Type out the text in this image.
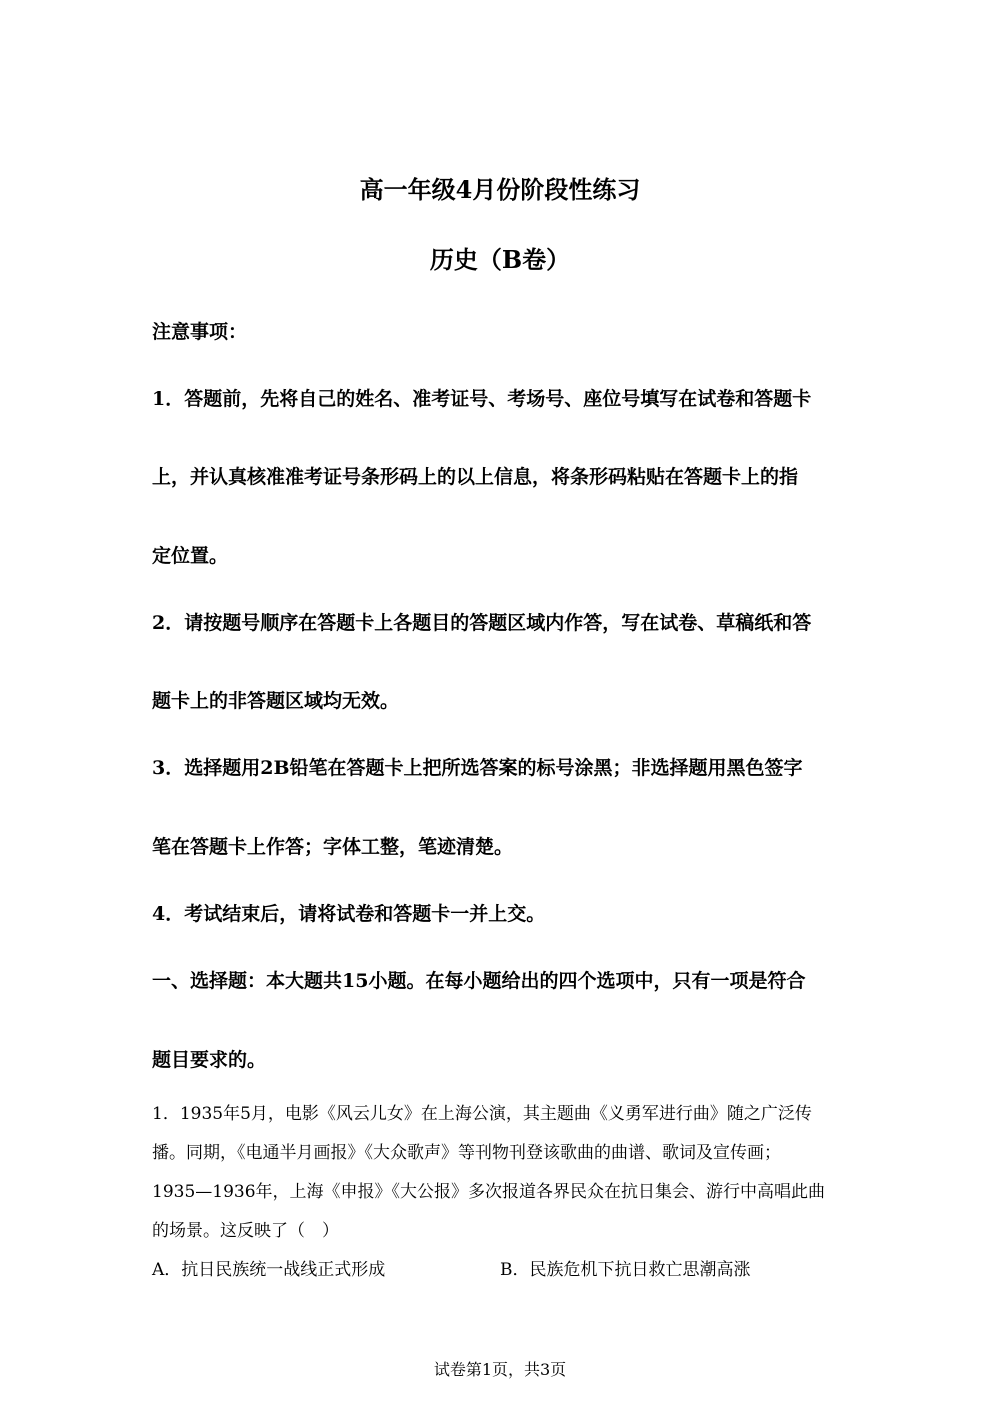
高一年级4月份阶段性练习
历史（B卷）
注意事项：
1．答题前，先将自己的姓名、准考证号、考场号、座位号填写在试卷和答题卡
上，并认真核准准考证号条形码上的以上信息，将条形码粘贴在答题卡上的指
定位置。
2．请按题号顺序在答题卡上各题目的答题区域内作答，写在试卷、草稿纸和答
题卡上的非答题区域均无效。
3．选择题用2B铅笔在答题卡上把所选答案的标号涂黑；非选择题用黑色签字
笔在答题卡上作答；字体工整，笔迹清楚。
4．考试结束后，请将试卷和答题卡一并上交。
一、选择题：本大题共15小题。在每小题给出的四个选项中，只有一项是符合
题目要求的。
1．1935年5月，电影《风云儿女》在上海公演，其主题曲《义勇军进行曲》随之广泛传
播。同期，《电通半月画报》《大众歌声》等刊物刊登该歌曲的曲谱、歌词及宣传画；
1935—1936年，上海《申报》《大公报》多次报道各界民众在抗日集会、游行中高唱此曲
的场景。这反映了（　）
A．抗日民族统一战线正式形成	B．民族危机下抗日救亡思潮高涨
试卷第1页，共3页
